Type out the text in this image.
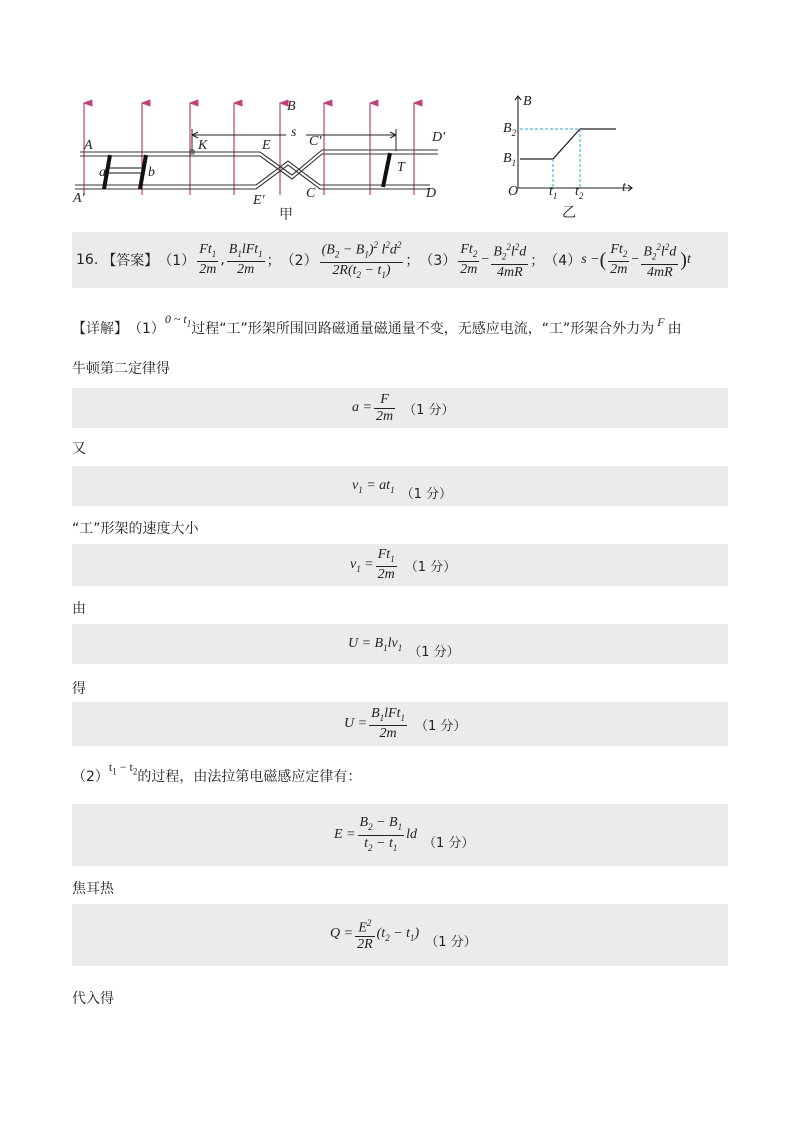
A
A′
a	b
K	E
E′	C
C′
D
D′
T
B
s
甲
B
t
O
$B_2$
$B_1$
$t_1$ $t_2$
乙
16. 【答案】 $(1) \frac{Ft_1}{2m}$ , $\frac{B_1lFt_1}{2m}$ ； $(2) \frac{(B_2 - B_1)^2 l^2d^2}{2R(t_2 - t_1)}$ ； $(3) \frac{Ft_2}{2m} - \frac{B_2^2l^2d}{4mR}$ ； （4） s − ( $\frac{Ft_2}{2m} - \frac{B_2^2l^2d}{4mR}$ ) t
【详解】 （1）
0 ~ $t_1$ 过程“工”形架所围回路磁通量磁通量不变，无感应电流，“工”形架合外力为 F 由
牛顿第二定律得
$a = \frac{F}{2m} (1$ 分）
又
$v_1 = at_1$ （1 分）
“工”形架的速度大小
$v_1 = \frac{Ft_1}{2m} (1$ 分）
由
$U = B_1lv_1$ （1 分）
得
$U = \frac{B_1lFt_1}{2m} (1$ 分）
（2）
$t_1 - t_2$ 的过程，由法拉第电磁感应定律有：
$E = \frac{B_2 - B_1}{t_2 - t_1}$ ld
（1 分）
焦耳热
$Q = \frac{E^2}{2R} (t_2 - t_1)$
（1 分）
代入得
